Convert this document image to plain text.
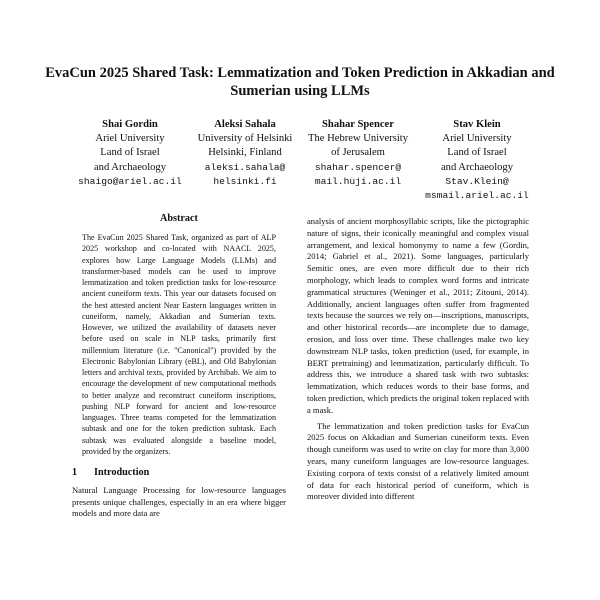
EvaCun 2025 Shared Task: Lemmatization and Token Prediction in Akkadian and Sumerian using LLMs
Shai Gordin
Ariel University
Land of Israel
and Archaeology
shaigo@ariel.ac.il
Aleksi Sahala
University of Helsinki
Helsinki, Finland
aleksi.sahala@
helsinki.fi
Shahar Spencer
The Hebrew University
of Jerusalem
shahar.spencer@
mail.huji.ac.il
Stav Klein
Ariel University
Land of Israel
and Archaeology
Stav.Klein@
msmail.ariel.ac.il
Abstract

The EvaCun 2025 Shared Task, organized as part of ALP 2025 workshop and co-located with NAACL 2025, explores how Large Language Models (LLMs) and transformer-based models can be used to improve lemmatization and token prediction tasks for low-resource ancient cuneiform texts. This year our datasets focused on the best attested ancient Near Eastern languages written in cuneiform, namely, Akkadian and Sumerian texts. However, we utilized the availability of datasets never before used on scale in NLP tasks, primarily first millennium literature (i.e. "Canonical") provided by the Electronic Babylonian Library (eBL), and Old Babylonian letters and archival texts, provided by Archibab. We aim to encourage the development of new computational methods to better analyze and reconstruct cuneiform inscriptions, pushing NLP forward for ancient and low-resource languages. Three teams competed for the lemmatization subtask and one for the token prediction subtask. Each subtask was evaluated alongside a baseline model, provided by the organizers.

1 Introduction

Natural Language Processing for low-resource languages presents unique challenges, especially in an era where bigger models and more data are

analysis of ancient morphosyllabic scripts, like the pictographic nature of signs, their iconically meaningful and complex visual arrangement, and lexical homonymy to name a few (Gordin, 2014; Gabriel et al., 2021). Some languages, particularly Semitic ones, are even more difficult due to their rich morphology, which leads to complex word forms and intricate grammatical structures (Weninger et al., 2011; Zitouni, 2014). Additionally, ancient languages often suffer from fragmented texts because the sources we rely on—inscriptions, manuscripts, and other historical records—are incomplete due to damage, erosion, and loss over time. These challenges make two key downstream NLP tasks, token prediction (used, for example, in BERT pretraining) and lemmatization, particularly difficult. To address this, we introduce a shared task with two subtasks: lemmatization, which reduces words to their base forms, and token prediction, which predicts the original token replaced with a mask.

The lemmatization and token prediction tasks for EvaCun 2025 focus on Akkadian and Sumerian cuneiform texts. Even though cuneiform was used to write on clay for more than 3,000 years, many cuneiform languages are low-resource languages. Existing corpora of texts consist of a relatively limited amount of data for each historical period of cuneiform, which is moreover divided into different
